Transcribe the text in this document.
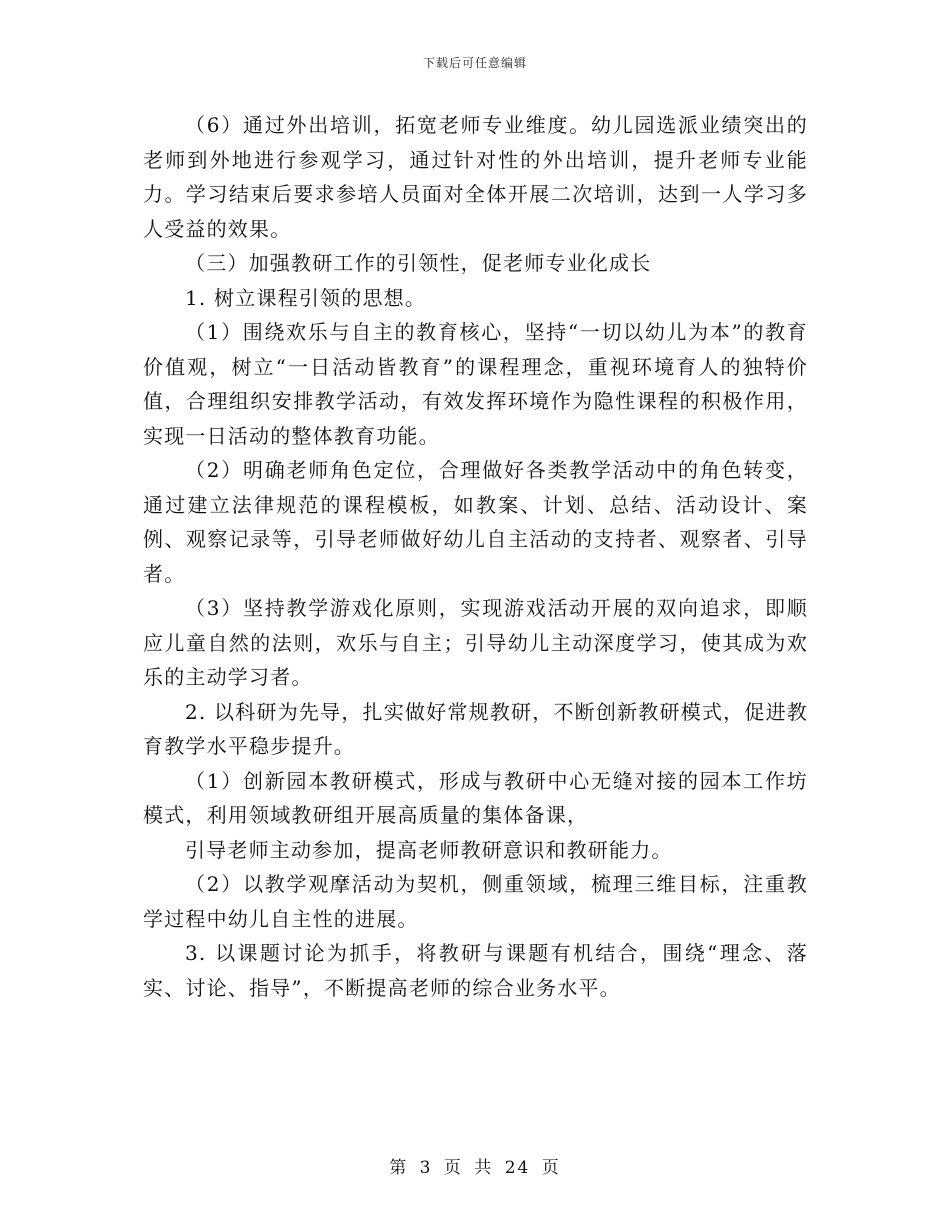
下载后可任意编辑

（6）通过外出培训，拓宽老师专业维度。幼儿园选派业绩突出的老师到外地进行参观学习，通过针对性的外出培训，提升老师专业能力。学习结束后要求参培人员面对全体开展二次培训，达到一人学习多人受益的效果。

（三）加强教研工作的引领性，促老师专业化成长

1. 树立课程引领的思想。

（1）围绕欢乐与自主的教育核心，坚持“一切以幼儿为本”的教育价值观，树立“一日活动皆教育”的课程理念，重视环境育人的独特价值，合理组织安排教学活动，有效发挥环境作为隐性课程的积极作用，实现一日活动的整体教育功能。

（2）明确老师角色定位，合理做好各类教学活动中的角色转变，通过建立法律规范的课程模板，如教案、计划、总结、活动设计、案例、观察记录等，引导老师做好幼儿自主活动的支持者、观察者、引导者。

（3）坚持教学游戏化原则，实现游戏活动开展的双向追求，即顺应儿童自然的法则，欢乐与自主；引导幼儿主动深度学习，使其成为欢乐的主动学习者。

2. 以科研为先导，扎实做好常规教研，不断创新教研模式，促进教育教学水平稳步提升。

（1）创新园本教研模式，形成与教研中心无缝对接的园本工作坊模式，利用领域教研组开展高质量的集体备课，

引导老师主动参加，提高老师教研意识和教研能力。

（2）以教学观摩活动为契机，侧重领域，梳理三维目标，注重教学过程中幼儿自主性的进展。

3. 以课题讨论为抓手，将教研与课题有机结合，围绕“理念、落实、讨论、指导”，不断提高老师的综合业务水平。

第 3 页 共 24 页
